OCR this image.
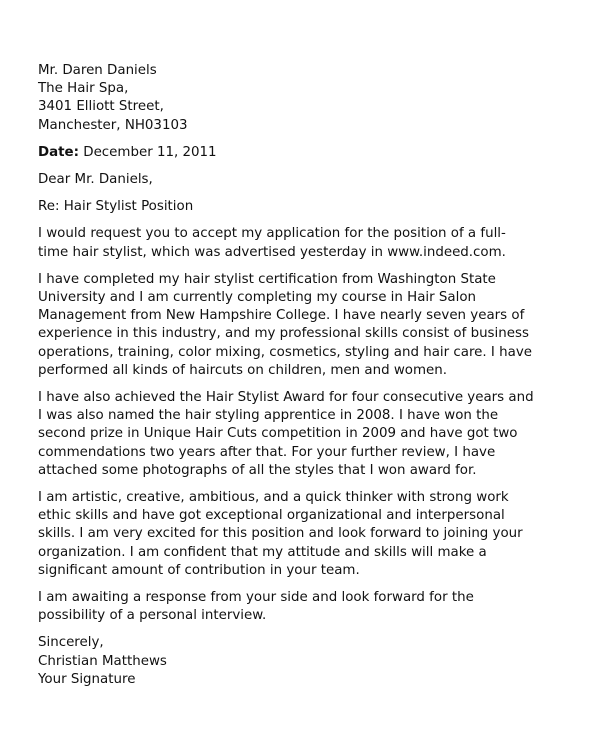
Mr. Daren Daniels
The Hair Spa,
3401 Elliott Street,
Manchester, NH03103
Date: December 11, 2011
Dear Mr. Daniels,
Re: Hair Stylist Position
I would request you to accept my application for the position of a full-
time hair stylist, which was advertised yesterday in www.indeed.com.
I have completed my hair stylist certification from Washington State
University and I am currently completing my course in Hair Salon
Management from New Hampshire College. I have nearly seven years of
experience in this industry, and my professional skills consist of business
operations, training, color mixing, cosmetics, styling and hair care. I have
performed all kinds of haircuts on children, men and women.
I have also achieved the Hair Stylist Award for four consecutive years and
I was also named the hair styling apprentice in 2008. I have won the
second prize in Unique Hair Cuts competition in 2009 and have got two
commendations two years after that. For your further review, I have
attached some photographs of all the styles that I won award for.
I am artistic, creative, ambitious, and a quick thinker with strong work
ethic skills and have got exceptional organizational and interpersonal
skills. I am very excited for this position and look forward to joining your
organization. I am confident that my attitude and skills will make a
significant amount of contribution in your team.
I am awaiting a response from your side and look forward for the
possibility of a personal interview.
Sincerely,
Christian Matthews
Your Signature
